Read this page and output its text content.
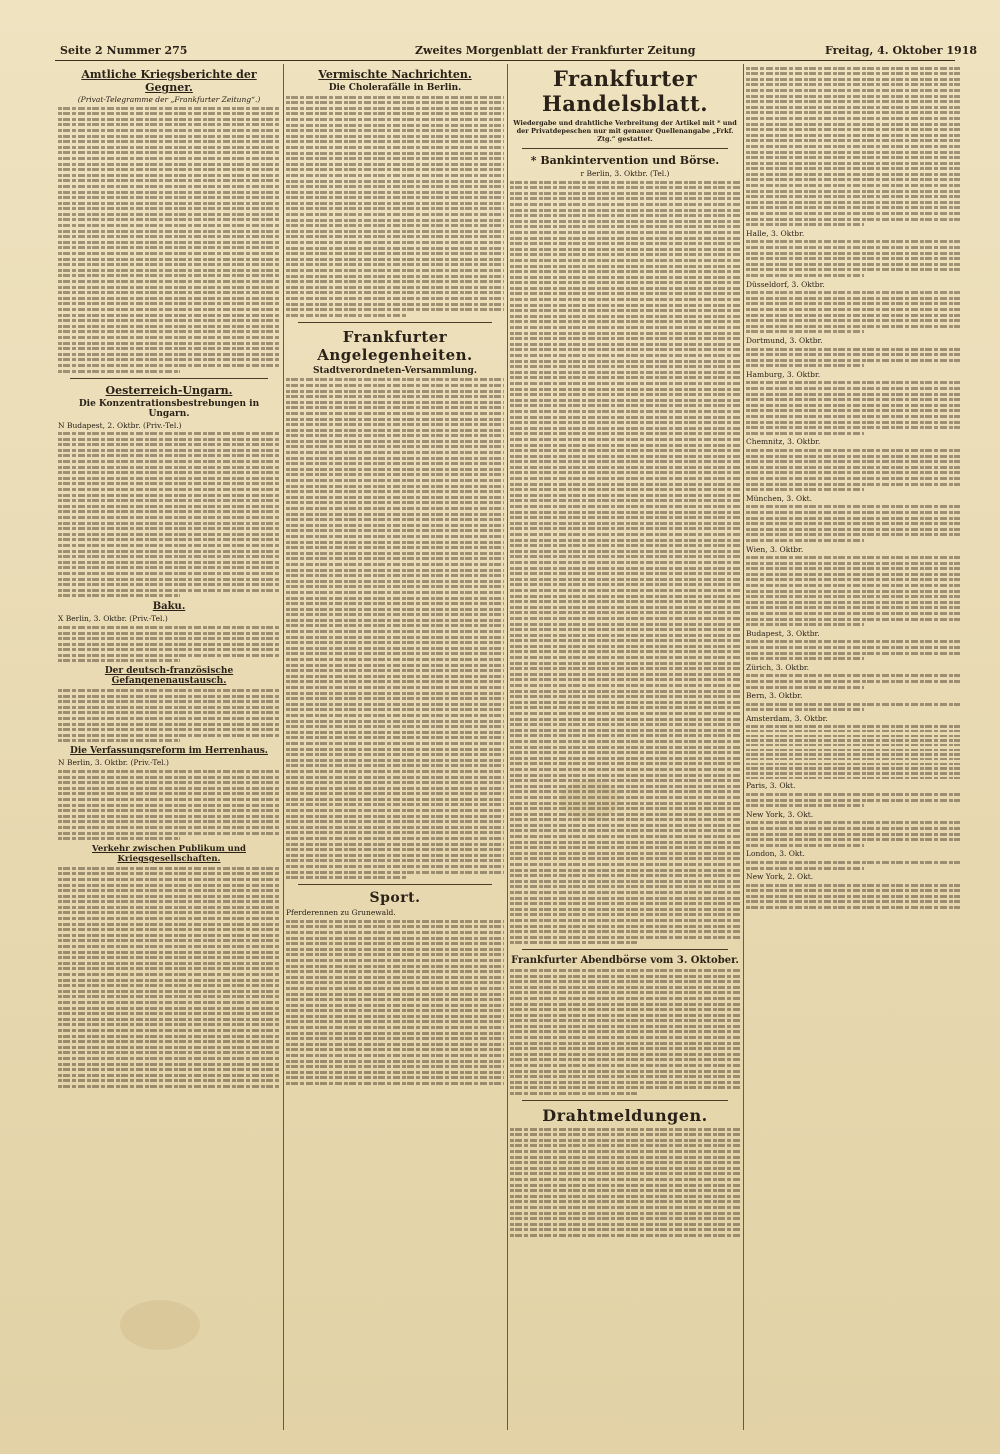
Seite 2 Nummer 275	Zweites Morgenblatt der Frankfurter Zeitung	Freitag, 4. Oktober 1918
Amtliche Kriegsberichte der Gegner.
(Privat-Telegramme der „Frankfurter Zeitung“.)
Oesterreich-Ungarn.
Die Konzentrationsbestrebungen in Ungarn.
N Budapest, 2. Oktbr. (Priv.-Tel.)
Baku.
X Berlin, 3. Oktbr. (Priv.-Tel.)
Der deutsch-französische Gefangenenaustausch.
Die Verfassungsreform im Herrenhaus.
N Berlin, 3. Oktbr. (Priv.-Tel.)
Verkehr zwischen Publikum und Kriegsgesellschaften.
Vermischte Nachrichten.
Die Cholerafälle in Berlin.
Frankfurter Angelegenheiten.
Stadtverordneten-Versammlung.
Sport.
Pferderennen zu Grunewald.
Frankfurter Handelsblatt.
Wiedergabe und drahtliche Verbreitung der Artikel mit * und der Privatdepeschen nur mit genauer Quellenangabe „Frkf. Ztg.“ gestattet.
* Bankintervention und Börse.
r Berlin, 3. Oktbr. (Tel.)
Frankfurter Abendbörse vom 3. Oktober.
Drahtmeldungen.
Halle, 3. Oktbr.
Düsseldorf, 3. Oktbr.
Dortmund, 3. Oktbr.
Hamburg, 3. Oktbr.
Chemnitz, 3. Oktbr.
München, 3. Okt.
Wien, 3. Oktbr.
Budapest, 3. Oktbr.
Zürich, 3. Oktbr.
Bern, 3. Oktbr.
Amsterdam, 3. Oktbr.
Paris, 3. Okt.
New York, 3. Okt.
London, 3. Okt.
New York, 2. Okt.
